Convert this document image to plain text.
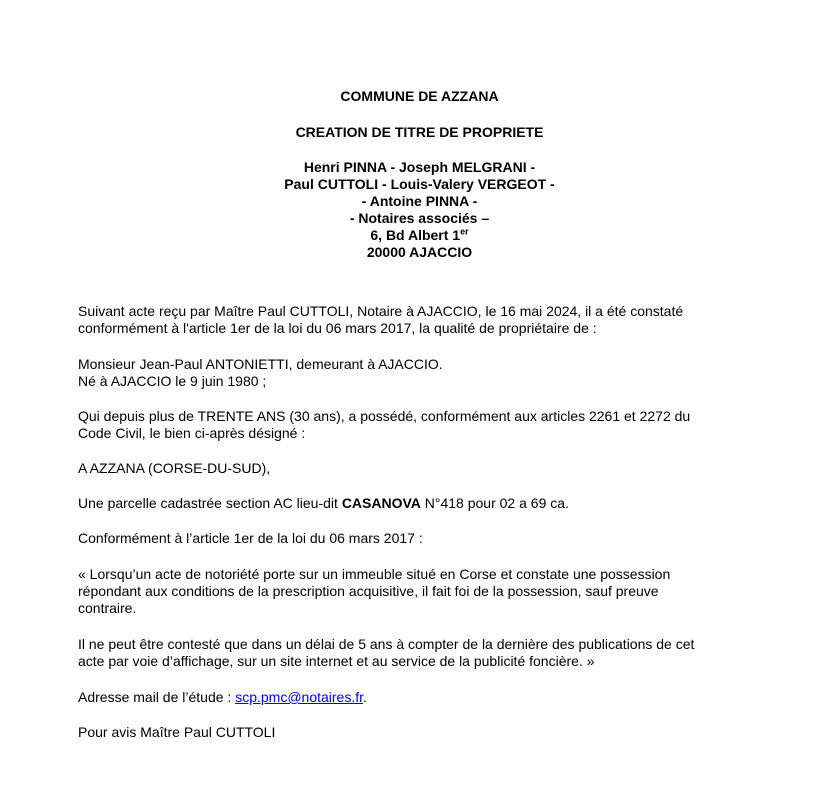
COMMUNE DE AZZANA
CREATION DE TITRE DE PROPRIETE
Henri PINNA - Joseph MELGRANI -
Paul CUTTOLI - Louis-Valery VERGEOT -
- Antoine PINNA -
- Notaires associés –
6, Bd Albert 1er
20000 AJACCIO
Suivant acte reçu par Maître Paul CUTTOLI, Notaire à AJACCIO, le 16 mai 2024, il a été constaté
conformément à l'article 1er de la loi du 06 mars 2017, la qualité de propriétaire de :
Monsieur Jean-Paul ANTONIETTI, demeurant à AJACCIO.
Né à AJACCIO le 9 juin 1980 ;
Qui depuis plus de TRENTE ANS (30 ans), a possédé, conformément aux articles 2261 et 2272 du
Code Civil, le bien ci-après désigné :
A AZZANA (CORSE-DU-SUD),
Une parcelle cadastrée section AC lieu-dit CASANOVA N°418 pour 02 a 69 ca.
Conformément à l’article 1er de la loi du 06 mars 2017 :
« Lorsqu’un acte de notoriété porte sur un immeuble situé en Corse et constate une possession
répondant aux conditions de la prescription acquisitive, il fait foi de la possession, sauf preuve
contraire.
Il ne peut être contesté que dans un délai de 5 ans à compter de la dernière des publications de cet
acte par voie d’affichage, sur un site internet et au service de la publicité foncière. »
Adresse mail de l’étude : scp.pmc@notaires.fr.
Pour avis Maître Paul CUTTOLI
